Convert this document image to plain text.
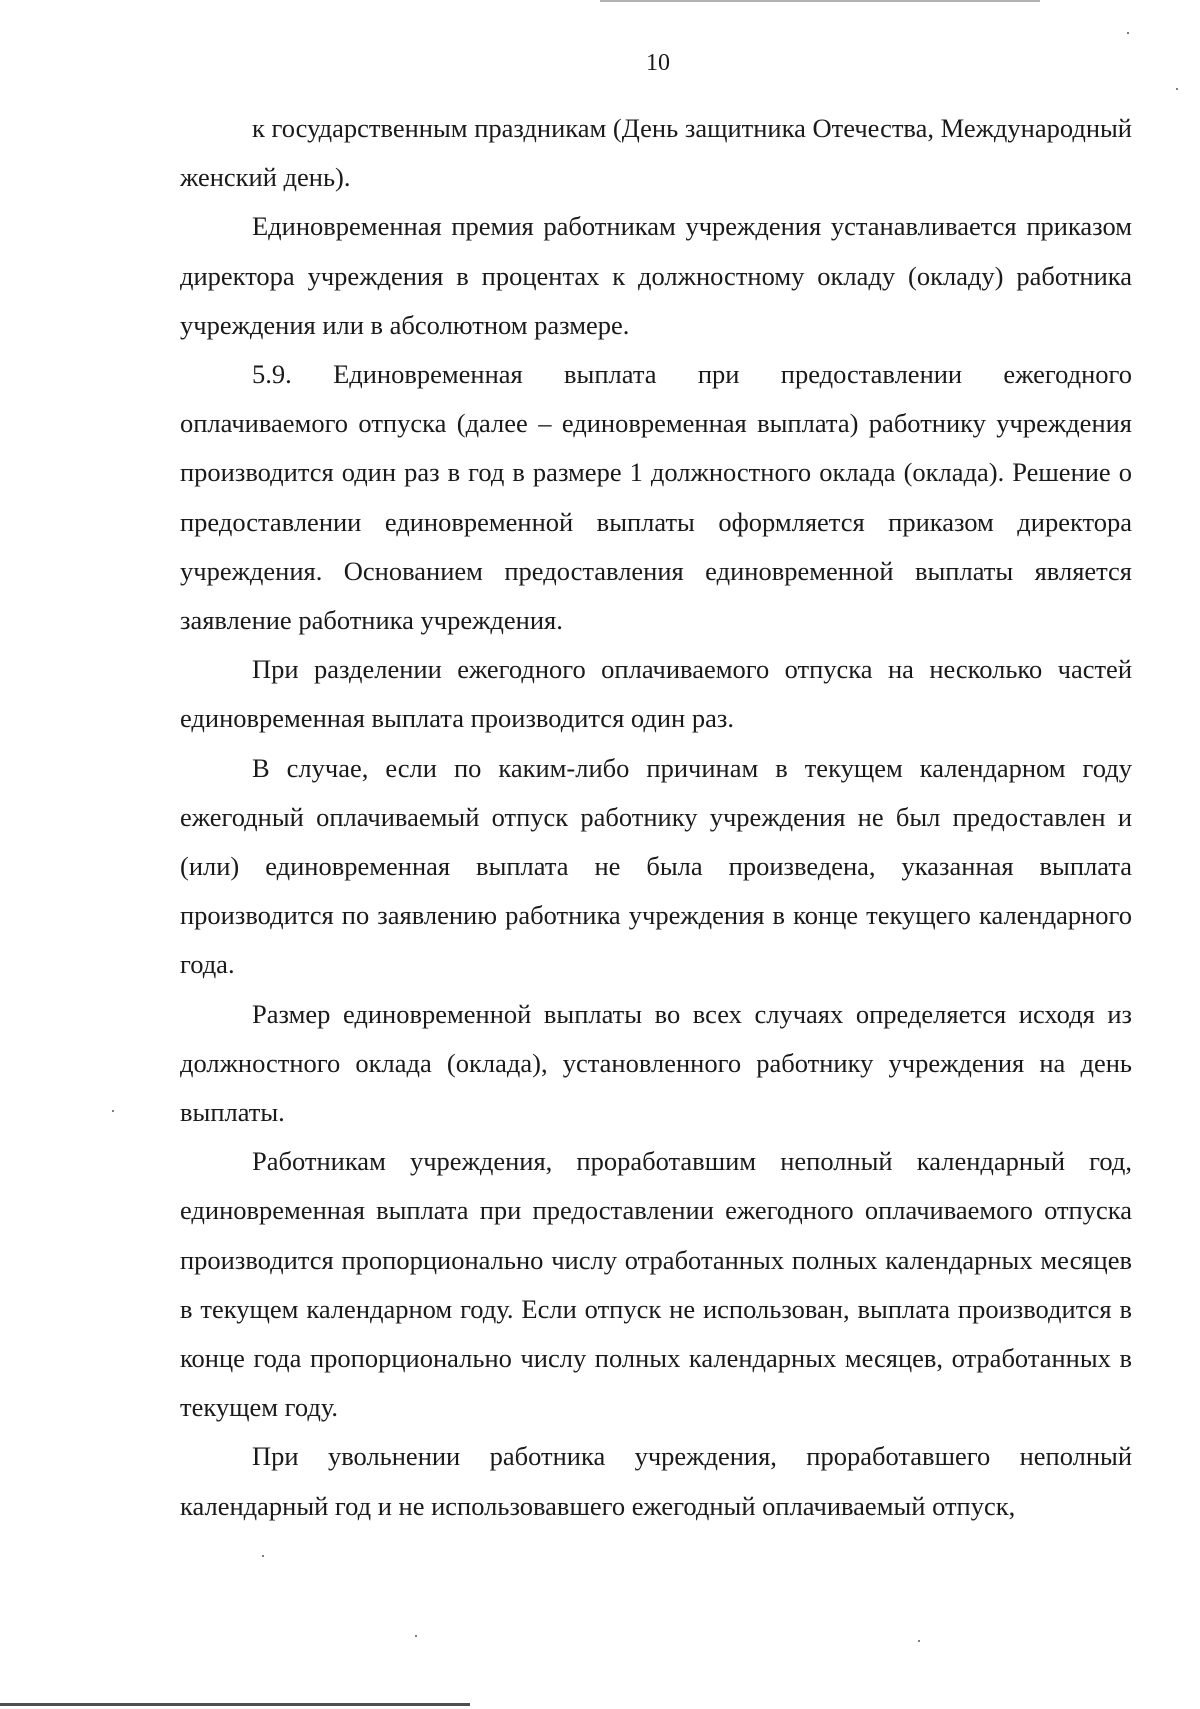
10

к государственным праздникам (День защитника Отечества, Международный женский день).

Единовременная премия работникам учреждения устанавливается приказом директора учреждения в процентах к должностному окладу (окладу) работника учреждения или в абсолютном размере.

5.9. Единовременная выплата при предоставлении ежегодного оплачиваемого отпуска (далее – единовременная выплата) работнику учреждения производится один раз в год в размере 1 должностного оклада (оклада). Решение о предоставлении единовременной выплаты оформляется приказом директора учреждения. Основанием предоставления единовременной выплаты является заявление работника учреждения.

При разделении ежегодного оплачиваемого отпуска на несколько частей единовременная выплата производится один раз.

В случае, если по каким-либо причинам в текущем календарном году ежегодный оплачиваемый отпуск работнику учреждения не был предоставлен и (или) единовременная выплата не была произведена, указанная выплата производится по заявлению работника учреждения в конце текущего календарного года.

Размер единовременной выплаты во всех случаях определяется исходя из должностного оклада (оклада), установленного работнику учреждения на день выплаты.

Работникам учреждения, проработавшим неполный календарный год, единовременная выплата при предоставлении ежегодного оплачиваемого отпуска производится пропорционально числу отработанных полных календарных месяцев в текущем календарном году. Если отпуск не использован, выплата производится в конце года пропорционально числу полных календарных месяцев, отработанных в текущем году.

При увольнении работника учреждения, проработавшего неполный календарный год и не использовавшего ежегодный оплачиваемый отпуск,
